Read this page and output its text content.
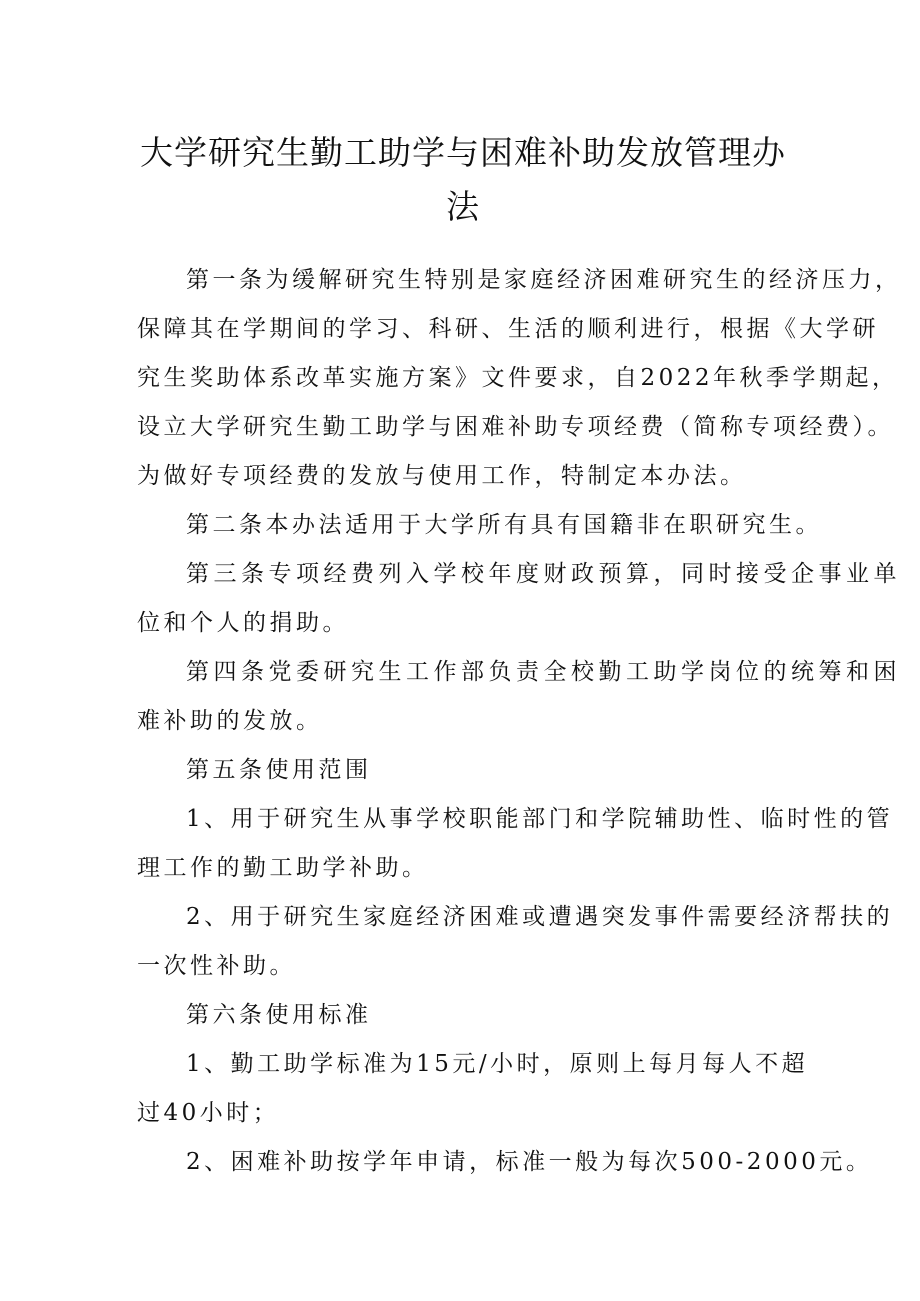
大学研究生勤工助学与困难补助发放管理办
法
第一条为缓解研究生特别是家庭经济困难研究生的经济压力，
保障其在学期间的学习、科研、生活的顺利进行，根据《大学研
究生奖助体系改革实施方案》文件要求，自2022年秋季学期起，
设立大学研究生勤工助学与困难补助专项经费（简称专项经费）。
为做好专项经费的发放与使用工作，特制定本办法。
第二条本办法适用于大学所有具有国籍非在职研究生。
第三条专项经费列入学校年度财政预算，同时接受企事业单
位和个人的捐助。
第四条党委研究生工作部负责全校勤工助学岗位的统筹和困
难补助的发放。
第五条使用范围
1、用于研究生从事学校职能部门和学院辅助性、临时性的管
理工作的勤工助学补助。
2、用于研究生家庭经济困难或遭遇突发事件需要经济帮扶的
一次性补助。
第六条使用标准
1、勤工助学标准为15元/小时，原则上每月每人不超
过40小时；
2、困难补助按学年申请，标准一般为每次500-2000元。
